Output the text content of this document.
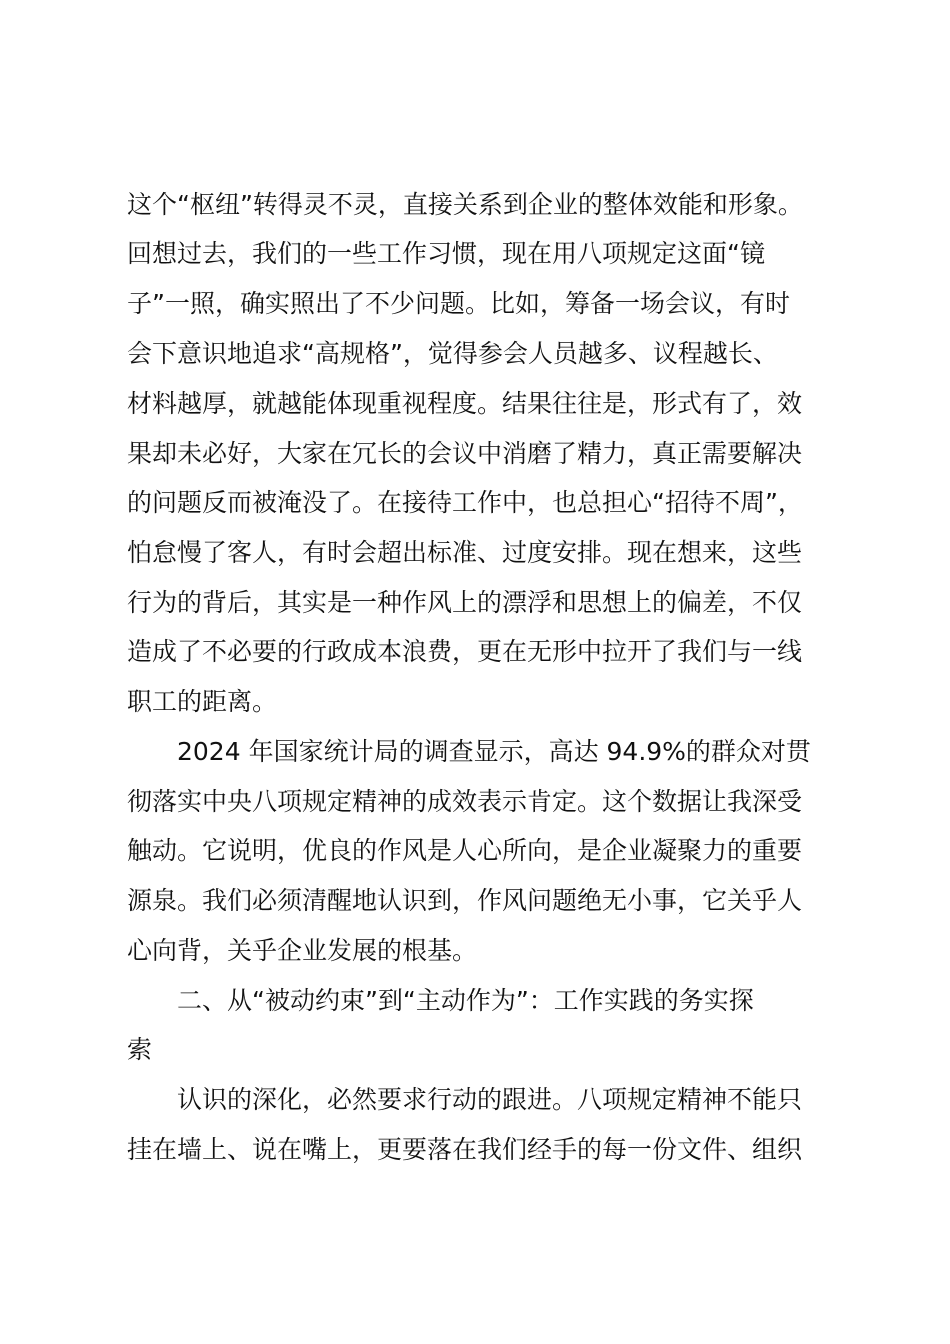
这个“枢纽”转得灵不灵，直接关系到企业的整体效能和形象。
回想过去，我们的一些工作习惯，现在用八项规定这面“镜
子”一照，确实照出了不少问题。比如，筹备一场会议，有时
会下意识地追求“高规格”，觉得参会人员越多、议程越长、
材料越厚，就越能体现重视程度。结果往往是，形式有了，效
果却未必好，大家在冗长的会议中消磨了精力，真正需要解决
的问题反而被淹没了。在接待工作中，也总担心“招待不周”，
怕怠慢了客人，有时会超出标准、过度安排。现在想来，这些
行为的背后，其实是一种作风上的漂浮和思想上的偏差，不仅
造成了不必要的行政成本浪费，更在无形中拉开了我们与一线
职工的距离。
2024 年国家统计局的调查显示，高达 94.9%的群众对贯
彻落实中央八项规定精神的成效表示肯定。这个数据让我深受
触动。它说明，优良的作风是人心所向，是企业凝聚力的重要
源泉。我们必须清醒地认识到，作风问题绝无小事，它关乎人
心向背，关乎企业发展的根基。
二、从“被动约束”到“主动作为”：工作实践的务实探
索
认识的深化，必然要求行动的跟进。八项规定精神不能只
挂在墙上、说在嘴上，更要落在我们经手的每一份文件、组织
